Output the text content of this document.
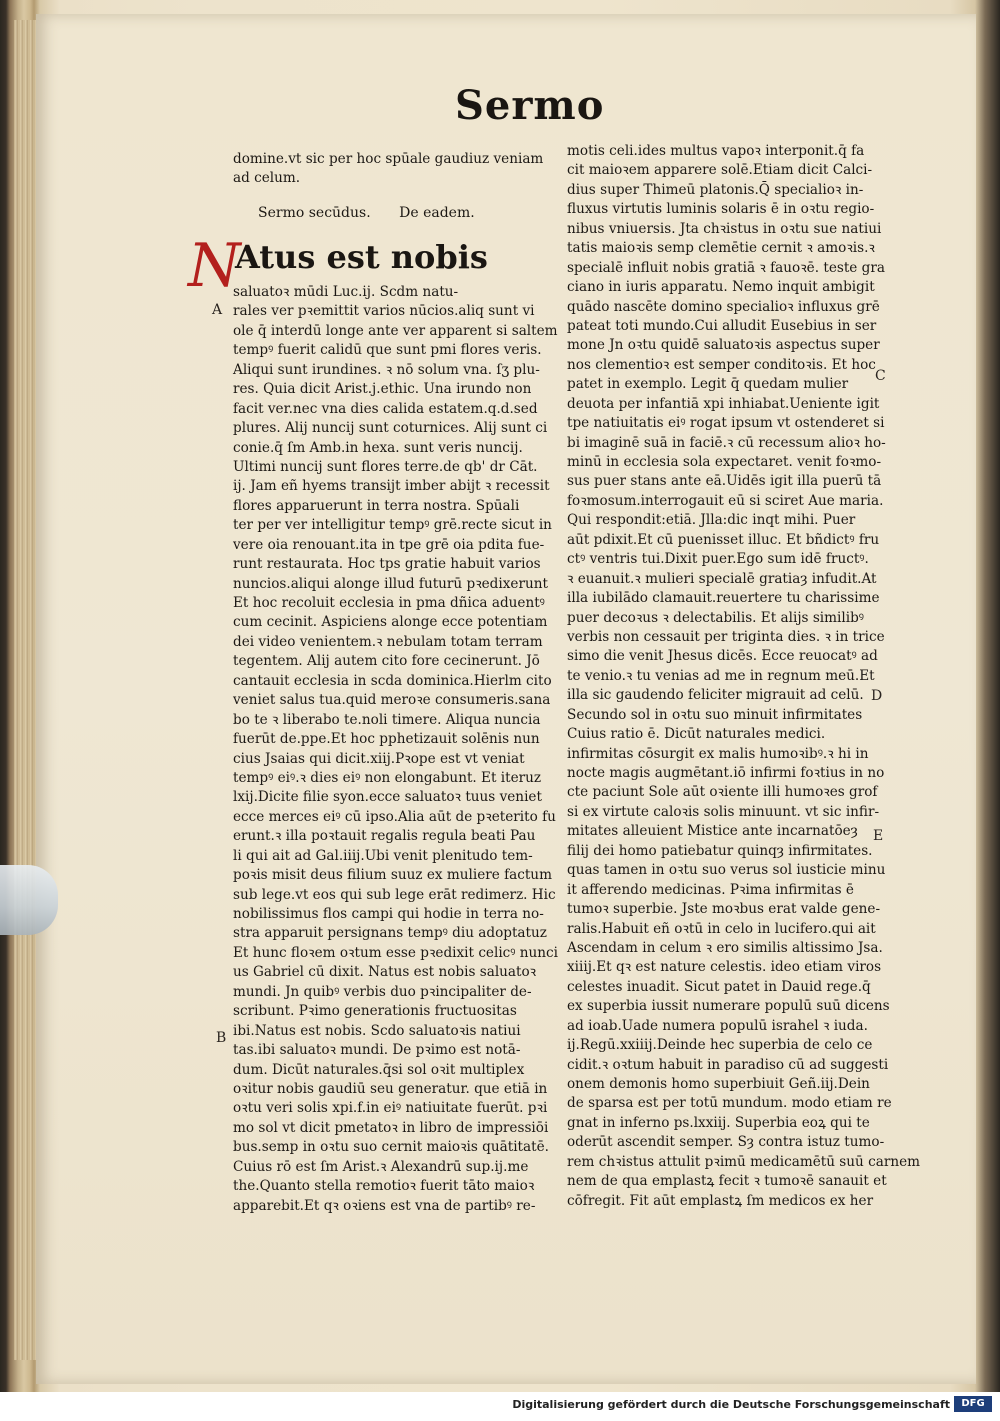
Sermo
domine.vt sic per hoc spūale gaudiuz veniam
ad celum.
Sermo secūdus. De eadem.
N
Atus est nobis
saluatoꝛ mūdi Luc.ij. Scdm natu-
rales ver pꝛemittit varios nūcios.aliq sunt vi
ole q̄ interdū longe ante ver apparent si saltem
tempꝰ fuerit calidū que sunt pmi flores veris.
Aliqui sunt irundines. ꝛ nō solum vna. ſʒ plu-
res. Quia dicit Arist.j.ethic. Una irundo non
facit ver.nec vna dies calida estatem.q.d.sed
plures. Alij nuncij sunt coturnices. Alij sunt ci
conie.q̄ ſm Amb.in hexa. sunt veris nuncij.
Ultimi nuncij sunt flores terre.de qb' dr Cāt.
ij. Jam eñ hyems transijt imber abijt ꝛ recessit
flores apparuerunt in terra nostra. Spūali
ter per ver intelligitur tempꝰ grē.recte sicut in
vere oia renouant.ita in tpe grē oia pdita fue-
runt restaurata. Hoc tps gratie habuit varios
nuncios.aliqui alonge illud futurū pꝛedixerunt
Et hoc recoluit ecclesia in pma dñica aduentꝰ
cum cecinit. Aspiciens alonge ecce potentiam
dei video venientem.ꝛ nebulam totam terram
tegentem. Alij autem cito fore cecinerunt. Jō
cantauit ecclesia in scda dominica.Hierlm cito
veniet salus tua.quid meroꝛe consumeris.sana
bo te ꝛ liberabo te.noli timere. Aliqua nuncia
fuerūt de.ppe.Et hoc pphetizauit solēnis nun
cius Jsaias qui dicit.xiij.Pꝛope est vt veniat
tempꝰ eiꝰ.ꝛ dies eiꝰ non elongabunt. Et iteruz
lxij.Dicite filie syon.ecce saluatoꝛ tuus veniet
ecce merces eiꝰ cū ipso.Alia aūt de pꝛeterito fu
erunt.ꝛ illa poꝛtauit regalis regula beati Pau
li qui ait ad Gal.iiij.Ubi venit plenitudo tem-
poꝛis misit deus filium suuz ex muliere factum
sub lege.vt eos qui sub lege erāt redimerz. Hic
nobilissimus flos campi qui hodie in terra no-
stra apparuit persignans tempꝰ diu adoptatuz
Et hunc floꝛem oꝛtum esse pꝛedixit celicꝰ nunci
us Gabriel cū dixit. Natus est nobis saluatoꝛ
mundi. Jn quibꝰ verbis duo pꝛincipaliter de-
scribunt. Pꝛimo generationis fructuositas
ibi.Natus est nobis. Scdo saluatoꝛis natiui
tas.ibi saluatoꝛ mundi. De pꝛimo est notā-
dum. Dicūt naturales.q̄si sol oꝛit multiplex
oꝛitur nobis gaudiū seu generatur. que etiā in
oꝛtu veri solis xpi.f.in eiꝰ natiuitate fuerūt. pꝛi
mo sol vt dicit pmetatoꝛ in libro de impressiōi
bus.semp in oꝛtu suo cernit maioꝛis quātitatē.
Cuius rō est ſm Arist.ꝛ Alexandrū sup.ij.me
the.Quanto stella remotioꝛ fuerit tāto maioꝛ
apparebit.Et qꝛ oꝛiens est vna de partibꝰ re-
motis celi.ides multus vapoꝛ interponit.q̄ fa
cit maioꝛem apparere solē.Etiam dicit Calci-
dius super Thimeū platonis.Q̄ specialioꝛ in-
fluxus virtutis luminis solaris ē in oꝛtu regio-
nibus vniuersis. Jta chꝛistus in oꝛtu sue natiui
tatis maioꝛis semp clemētie cernit ꝛ amoꝛis.ꝛ
specialē influit nobis gratiā ꝛ fauoꝛē. teste gra
ciano in iuris apparatu. Nemo inquit ambigit
quādo nascēte domino specialioꝛ influxus grē
pateat toti mundo.Cui alludit Eusebius in ser
mone Jn oꝛtu quidē saluatoꝛis aspectus super
nos clementioꝛ est semper conditoꝛis. Et hoc
patet in exemplo. Legit q̄ quedam mulier
deuota per infantiā xpi inhiabat.Ueniente igit
tpe natiuitatis eiꝰ rogat ipsum vt ostenderet si
bi imaginē suā in faciē.ꝛ cū recessum alioꝛ ho-
minū in ecclesia sola expectaret. venit foꝛmo-
sus puer stans ante eā.Uidēs igit illa puerū tā
foꝛmosum.interrogauit eū si sciret Aue maria.
Qui respondit:etiā. Jlla:dic inqt mihi. Puer
aūt pdixit.Et cū puenisset illuc. Et bñdictꝰ fru
ctꝰ ventris tui.Dixit puer.Ego sum idē fructꝰ.
ꝛ euanuit.ꝛ mulieri specialē gratiaȝ infudit.At
illa iubilādo clamauit.reuertere tu charissime
puer decoꝛus ꝛ delectabilis. Et alijs similibꝰ
verbis non cessauit per triginta dies. ꝛ in trice
simo die venit Jhesus dicēs. Ecce reuocatꝰ ad
te venio.ꝛ tu venias ad me in regnum meū.Et
illa sic gaudendo feliciter migrauit ad celū.
Secundo sol in oꝛtu suo minuit infirmitates
Cuius ratio ē. Dicūt naturales medici.
infirmitas cōsurgit ex malis humoꝛibꝰ.ꝛ hi in
nocte magis augmētant.iō infirmi foꝛtius in no
cte paciunt Sole aūt oꝛiente illi humoꝛes grof
si ex virtute caloꝛis solis minuunt. vt sic infir-
mitates alleuient Mistice ante incarnatōeȝ
filij dei homo patiebatur quinqȝ infirmitates.
quas tamen in oꝛtu suo verus sol iusticie minu
it afferendo medicinas. Pꝛima infirmitas ē
tumoꝛ superbie. Jste moꝛbus erat valde gene-
ralis.Habuit eñ oꝛtū in celo in lucifero.qui ait
Ascendam in celum ꝛ ero similis altissimo Jsa.
xiiij.Et qꝛ est nature celestis. ideo etiam viros
celestes inuadit. Sicut patet in Dauid rege.q̄
ex superbia iussit numerare populū suū dicens
ad ioab.Uade numera populū israhel ꝛ iuda.
ij.Regū.xxiiij.Deinde hec superbia de celo ce
cidit.ꝛ oꝛtum habuit in paradiso cū ad suggesti
onem demonis homo superbiuit Geñ.iij.Dein
de sparsa est per totū mundum. modo etiam re
gnat in inferno ps.lxxiij. Superbia eoꝝ qui te
oderūt ascendit semper. Sȝ contra istuz tumo-
rem chꝛistus attulit pꝛimū medicamētū suū carnem
nem de qua emplastꝝ fecit ꝛ tumoꝛē sanauit et
cōfregit. Fit aūt emplastꝝ ſm medicos ex her
A
B
C
D
E
Digitalisierung gefördert durch die Deutsche Forschungsgemeinschaft	DFG
